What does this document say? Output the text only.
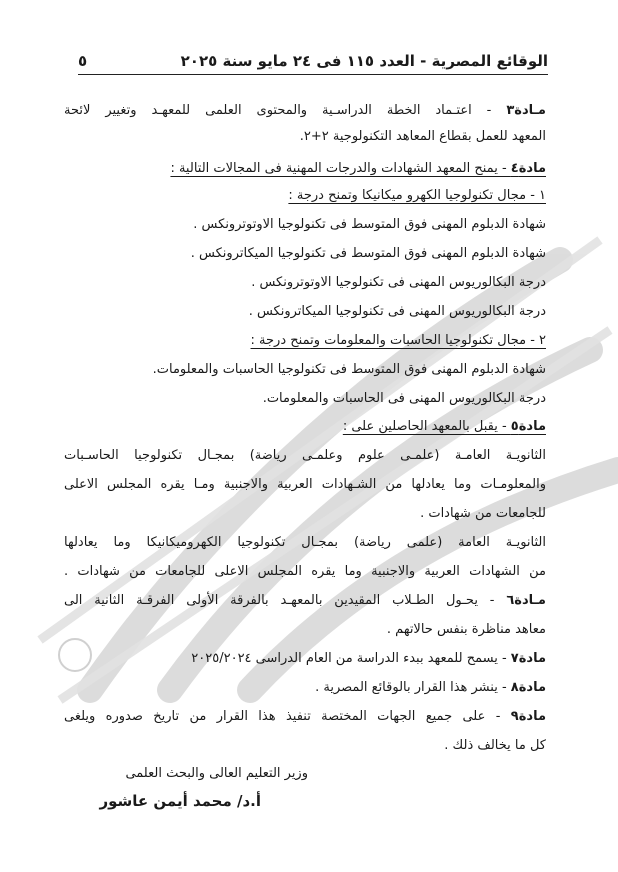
الوقائع المصرية - العدد ١١٥ فى ٢٤ مايو سنة ٢٠٢٥
٥
مـادة٣ - اعتـماد الخطة الدراسـية والمحتوى العلمى للمعهـد وتغيير لائحة
المعهد للعمل بقطاع المعاهد التكنولوجية ٢+٢.
مادة٤ - يمنح المعهد الشهادات والدرجات المهنية فى المجالات التالية :
١ - مجال تكنولوجيا الكهرو ميكانيكا وتمنح درجة :
شهادة الدبلوم المهنى فوق المتوسط فى تكنولوجيا الاوتوترونكس .
شهادة الدبلوم المهنى فوق المتوسط فى تكنولوجيا الميكاترونكس .
درجة البكالوريوس المهنى فى تكنولوجيا الاوتوترونكس .
درجة البكالوريوس المهنى فى تكنولوجيا الميكاترونكس .
٢ - مجال تكنولوجيا الحاسبات والمعلومات وتمنح درجة :
شهادة الدبلوم المهنى فوق المتوسط فى تكنولوجيا الحاسبات والمعلومات.
درجة البكالوريوس المهنى فى الحاسبات والمعلومات.
مادة٥ - يقبل بالمعهد الحاصلين على :
الثانويـة العامـة (علمـى علوم وعلمـى رياضة) بمجـال تكنولوجيا الحاسـبات
والمعلومـات وما يعادلها من الشـهادات العربية والاجنبية ومـا يقره المجلس الاعلى
للجامعات من شهادات .
الثانويـة العامة (علمى رياضة) بمجـال تكنولوجيا الكهروميكانيكا وما يعادلها
من الشهادات العربية والاجنبية وما يقره المجلس الاعلى للجامعات من شهادات .
مـادة٦ - يحـول الطـلاب المقيدين بالمعهـد بالفرقة الأولى الفرقـة الثانية الى
معاهد مناظرة بنفس حالاتهم .
مادة٧ - يسمح للمعهد ببدء الدراسة من العام الدراسى ٢٠٢٥/٢٠٢٤
مادة٨ - ينشر هذا القرار بالوقائع المصرية .
مادة٩ - على جميع الجهات المختصة تنفيذ هذا القرار من تاريخ صدوره ويلغى
كل ما يخالف ذلك .
وزير التعليم العالى والبحث العلمى
أ.د/ محمد أيمن عاشور
